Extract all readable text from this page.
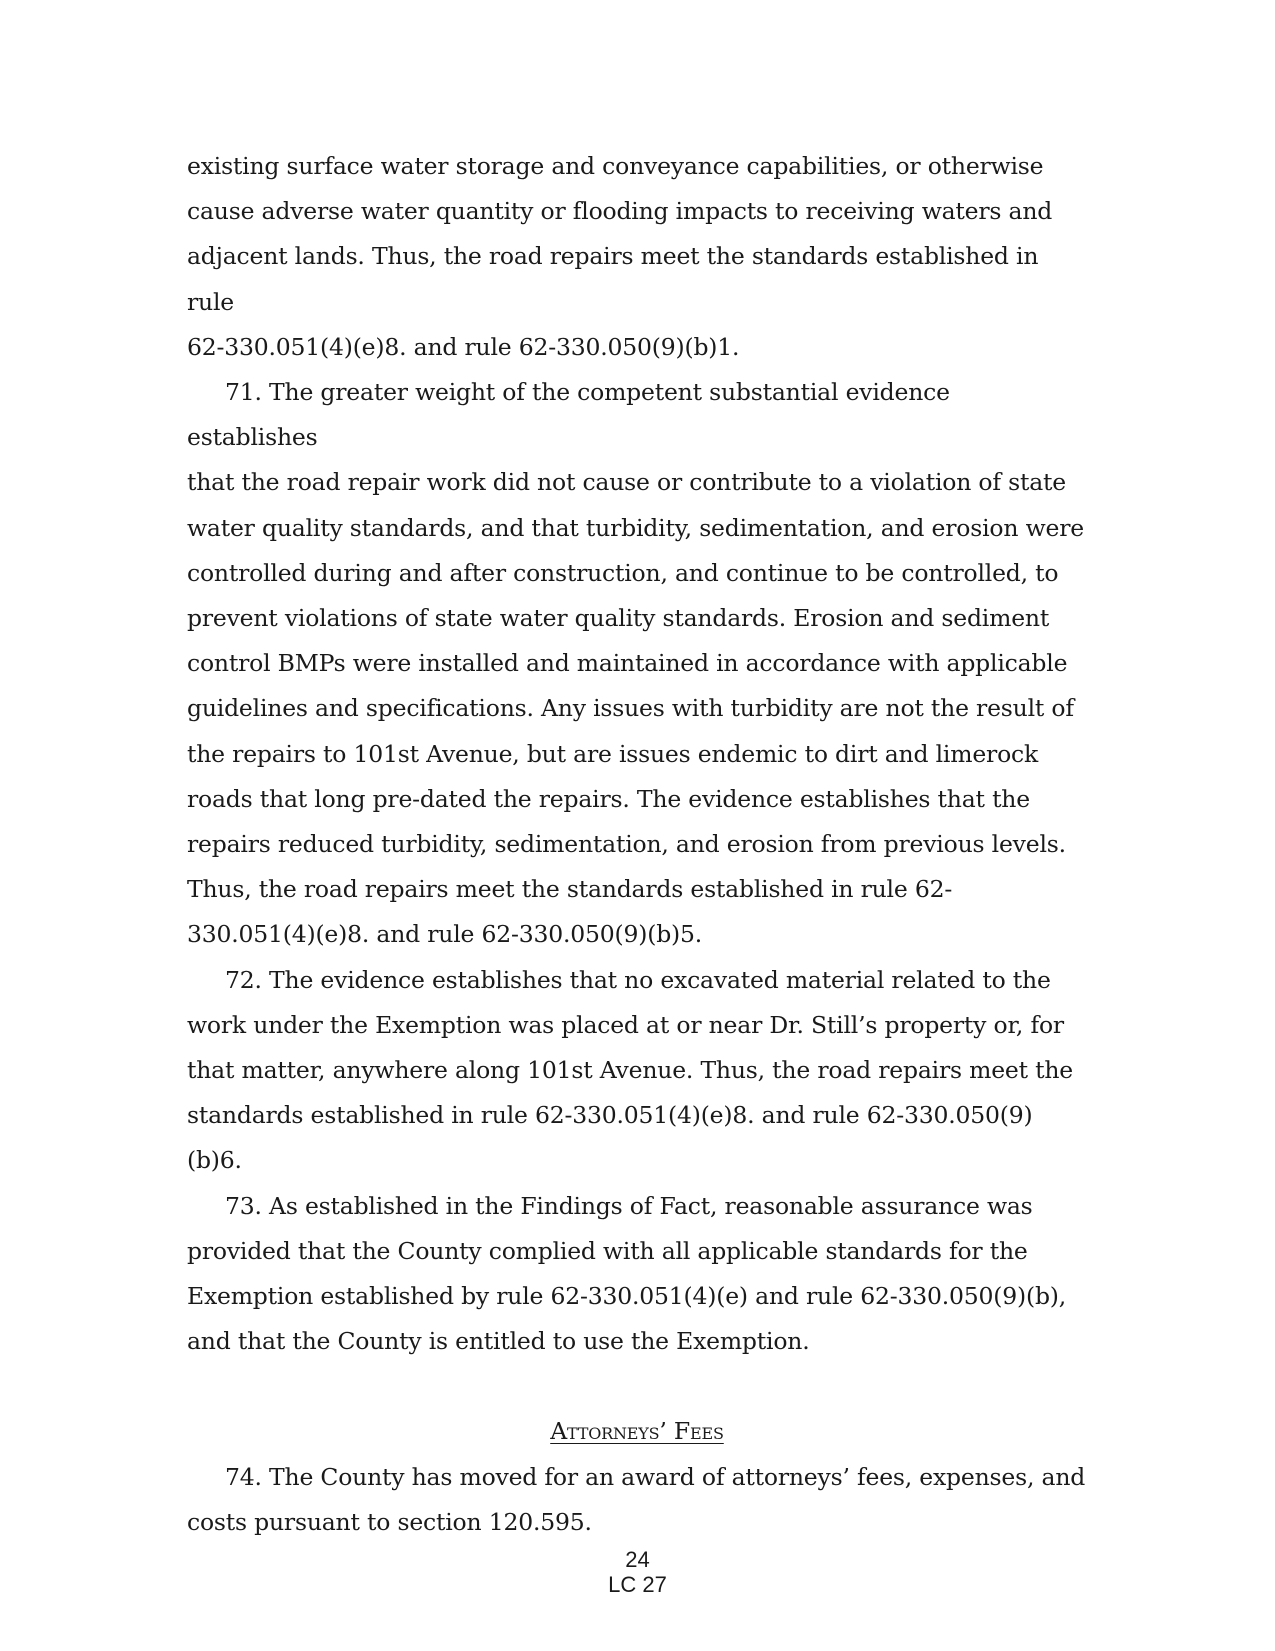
existing surface water storage and conveyance capabilities, or otherwise
cause adverse water quantity or flooding impacts to receiving waters and
adjacent lands. Thus, the road repairs meet the standards established in rule
62-330.051(4)(e)8. and rule 62-330.050(9)(b)1.

71. The greater weight of the competent substantial evidence establishes
that the road repair work did not cause or contribute to a violation of state
water quality standards, and that turbidity, sedimentation, and erosion were
controlled during and after construction, and continue to be controlled, to
prevent violations of state water quality standards. Erosion and sediment
control BMPs were installed and maintained in accordance with applicable
guidelines and specifications. Any issues with turbidity are not the result of
the repairs to 101st Avenue, but are issues endemic to dirt and limerock
roads that long pre-dated the repairs. The evidence establishes that the
repairs reduced turbidity, sedimentation, and erosion from previous levels.
Thus, the road repairs meet the standards established in rule 62-
330.051(4)(e)8. and rule 62-330.050(9)(b)5.

72. The evidence establishes that no excavated material related to the
work under the Exemption was placed at or near Dr. Still’s property or, for
that matter, anywhere along 101st Avenue. Thus, the road repairs meet the
standards established in rule 62-330.051(4)(e)8. and rule 62-330.050(9)(b)6.

73. As established in the Findings of Fact, reasonable assurance was
provided that the County complied with all applicable standards for the
Exemption established by rule 62-330.051(4)(e) and rule 62-330.050(9)(b),
and that the County is entitled to use the Exemption.

Attorneys’ Fees

74. The County has moved for an award of attorneys’ fees, expenses, and
costs pursuant to section 120.595.

24
LC 27
